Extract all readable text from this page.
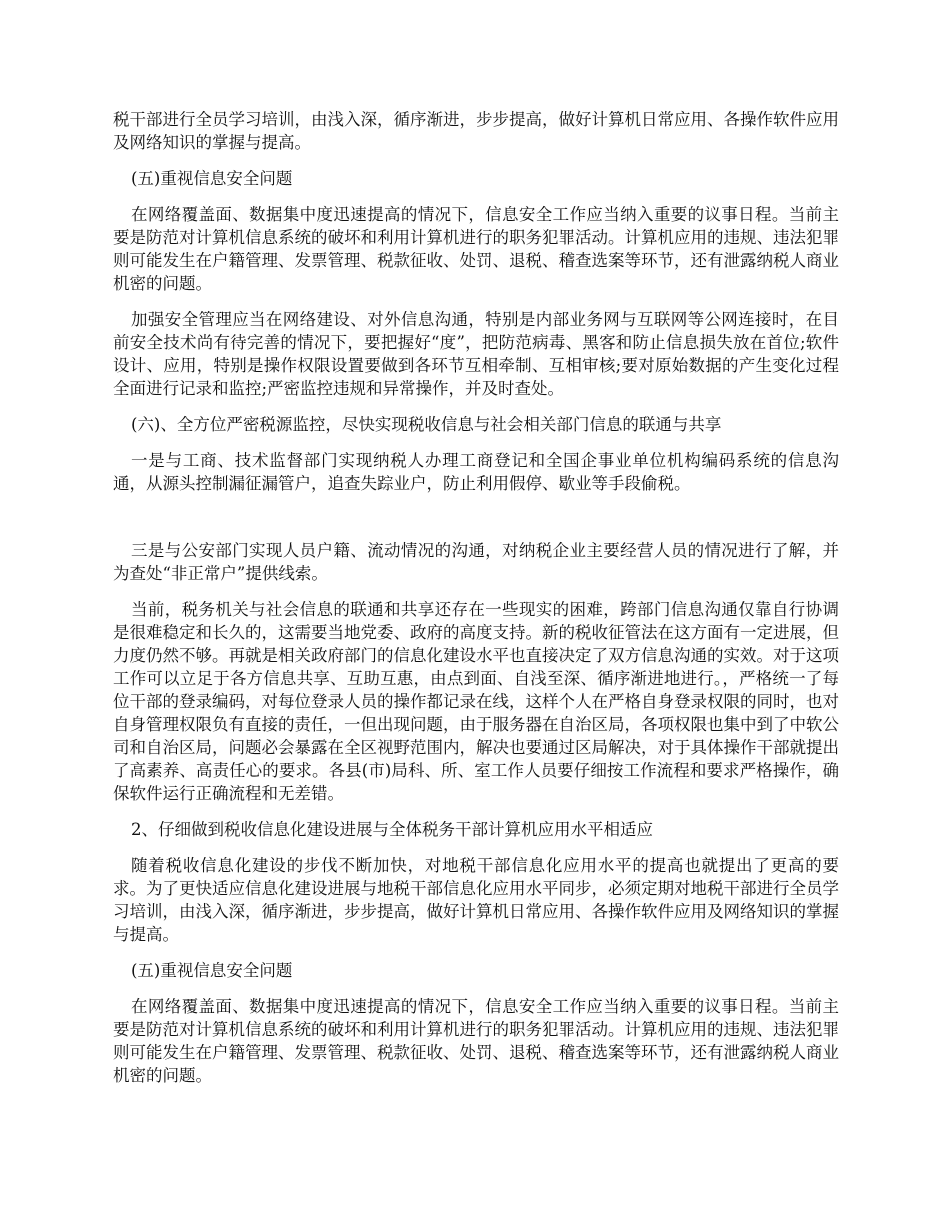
税干部进行全员学习培训，由浅入深，循序渐进，步步提高，做好计算机日常应用、各操作软件应用及网络知识的掌握与提高。

(五)重视信息安全问题

在网络覆盖面、数据集中度迅速提高的情况下，信息安全工作应当纳入重要的议事日程。当前主要是防范对计算机信息系统的破坏和利用计算机进行的职务犯罪活动。计算机应用的违规、违法犯罪则可能发生在户籍管理、发票管理、税款征收、处罚、退税、稽查选案等环节，还有泄露纳税人商业机密的问题。

加强安全管理应当在网络建设、对外信息沟通，特别是内部业务网与互联网等公网连接时，在目前安全技术尚有待完善的情况下，要把握好“度”，把防范病毒、黑客和防止信息损失放在首位;软件设计、应用，特别是操作权限设置要做到各环节互相牵制、互相审核;要对原始数据的产生变化过程全面进行记录和监控;严密监控违规和异常操作，并及时查处。

(六)、全方位严密税源监控，尽快实现税收信息与社会相关部门信息的联通与共享

一是与工商、技术监督部门实现纳税人办理工商登记和全国企事业单位机构编码系统的信息沟通，从源头控制漏征漏管户，追查失踪业户，防止利用假停、歇业等手段偷税。

三是与公安部门实现人员户籍、流动情况的沟通，对纳税企业主要经营人员的情况进行了解，并为查处“非正常户”提供线索。

当前，税务机关与社会信息的联通和共享还存在一些现实的困难，跨部门信息沟通仅靠自行协调是很难稳定和长久的，这需要当地党委、政府的高度支持。新的税收征管法在这方面有一定进展，但力度仍然不够。再就是相关政府部门的信息化建设水平也直接决定了双方信息沟通的实效。对于这项工作可以立足于各方信息共享、互助互惠，由点到面、自浅至深、循序渐进地进行。，严格统一了每位干部的登录编码，对每位登录人员的操作都记录在线，这样个人在严格自身登录权限的同时，也对自身管理权限负有直接的责任，一但出现问题，由于服务器在自治区局，各项权限也集中到了中软公司和自治区局，问题必会暴露在全区视野范围内，解决也要通过区局解决，对于具体操作干部就提出了高素养、高责任心的要求。各县(市)局科、所、室工作人员要仔细按工作流程和要求严格操作，确保软件运行正确流程和无差错。

2、仔细做到税收信息化建设进展与全体税务干部计算机应用水平相适应

随着税收信息化建设的步伐不断加快，对地税干部信息化应用水平的提高也就提出了更高的要求。为了更快适应信息化建设进展与地税干部信息化应用水平同步，必须定期对地税干部进行全员学习培训，由浅入深，循序渐进，步步提高，做好计算机日常应用、各操作软件应用及网络知识的掌握与提高。

(五)重视信息安全问题

在网络覆盖面、数据集中度迅速提高的情况下，信息安全工作应当纳入重要的议事日程。当前主要是防范对计算机信息系统的破坏和利用计算机进行的职务犯罪活动。计算机应用的违规、违法犯罪则可能发生在户籍管理、发票管理、税款征收、处罚、退税、稽查选案等环节，还有泄露纳税人商业机密的问题。
